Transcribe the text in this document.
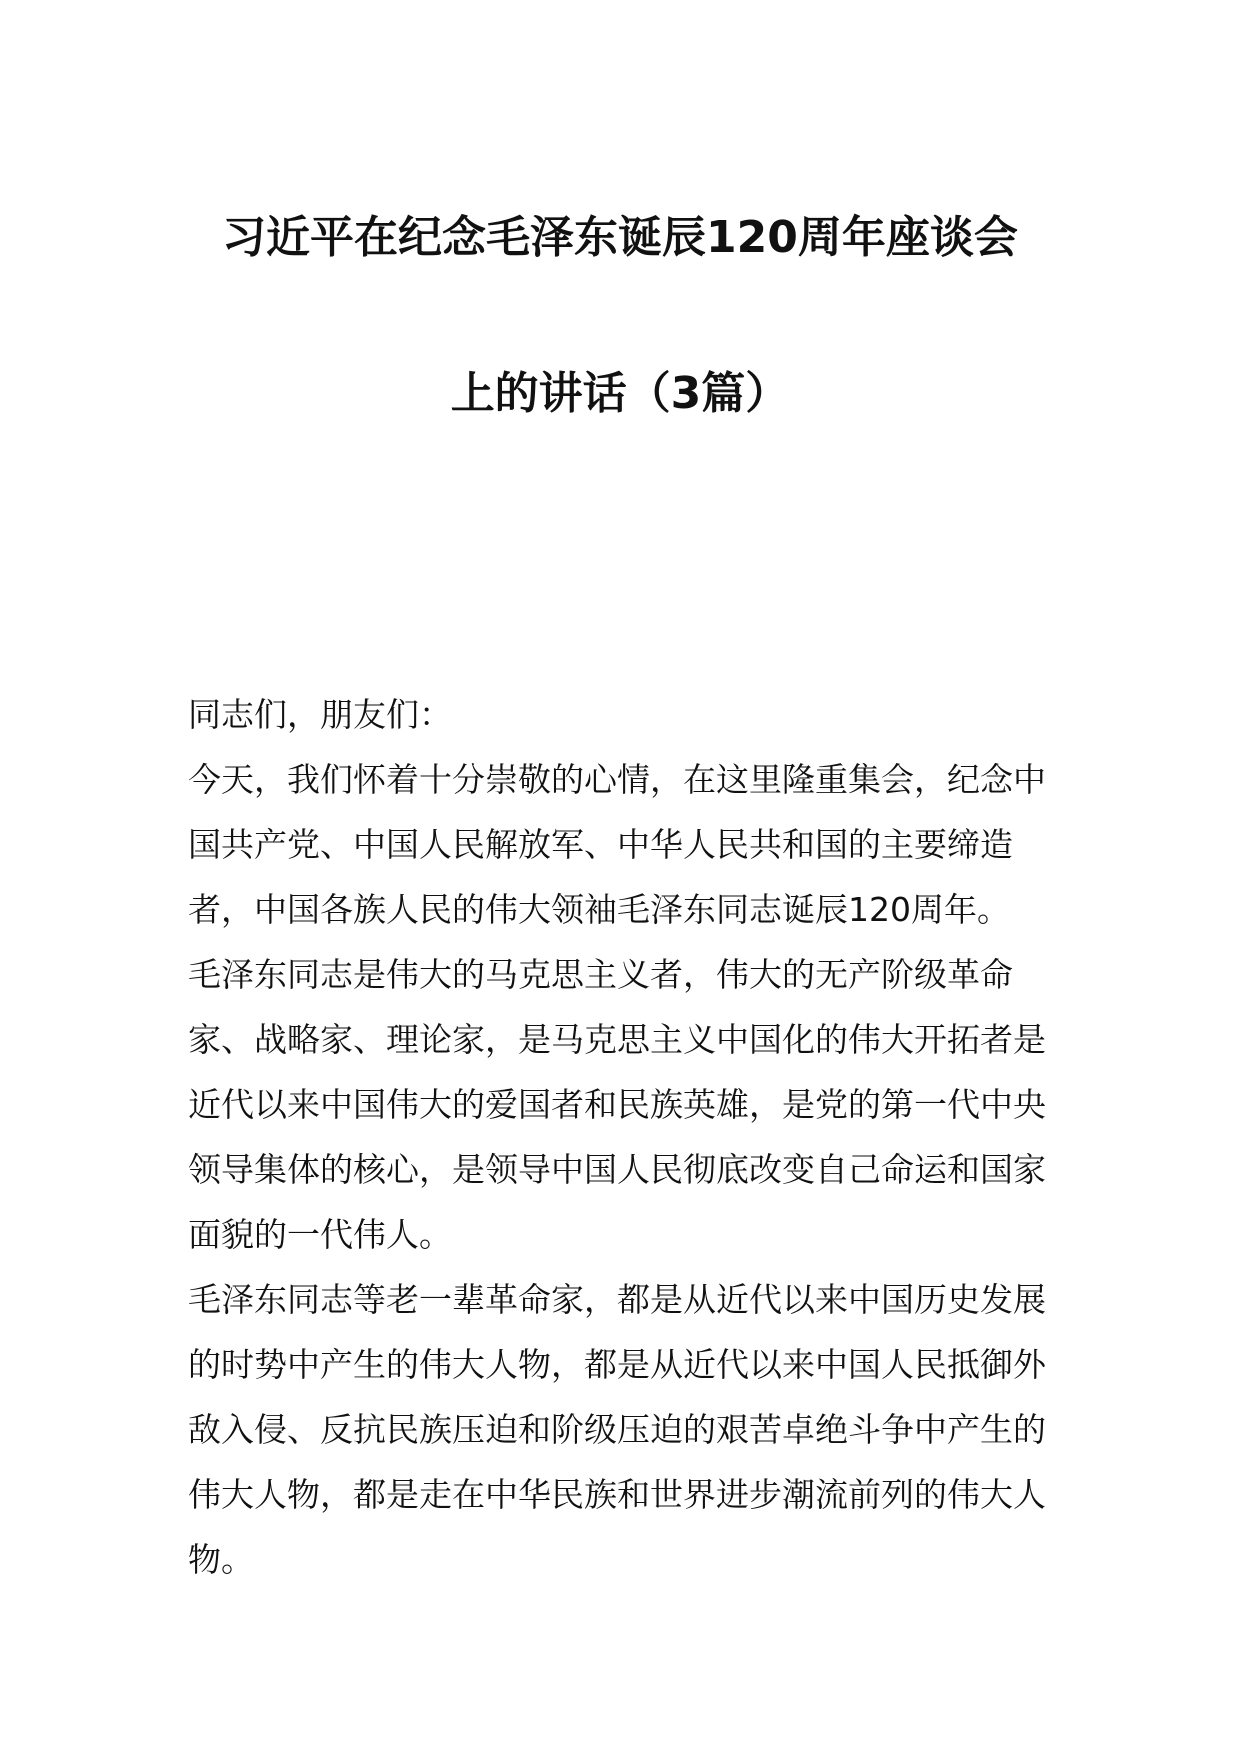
习近平在纪念毛泽东诞辰120周年座谈会
上的讲话（3篇）

同志们，朋友们：

今天，我们怀着十分崇敬的心情，在这里隆重集会，纪念中国共产党、中国人民解放军、中华人民共和国的主要缔造者，中国各族人民的伟大领袖毛泽东同志诞辰120周年。

毛泽东同志是伟大的马克思主义者，伟大的无产阶级革命家、战略家、理论家，是马克思主义中国化的伟大开拓者是近代以来中国伟大的爱国者和民族英雄，是党的第一代中央领导集体的核心，是领导中国人民彻底改变自己命运和国家面貌的一代伟人。

毛泽东同志等老一辈革命家，都是从近代以来中国历史发展的时势中产生的伟大人物，都是从近代以来中国人民抵御外敌入侵、反抗民族压迫和阶级压迫的艰苦卓绝斗争中产生的伟大人物，都是走在中华民族和世界进步潮流前列的伟大人物。
